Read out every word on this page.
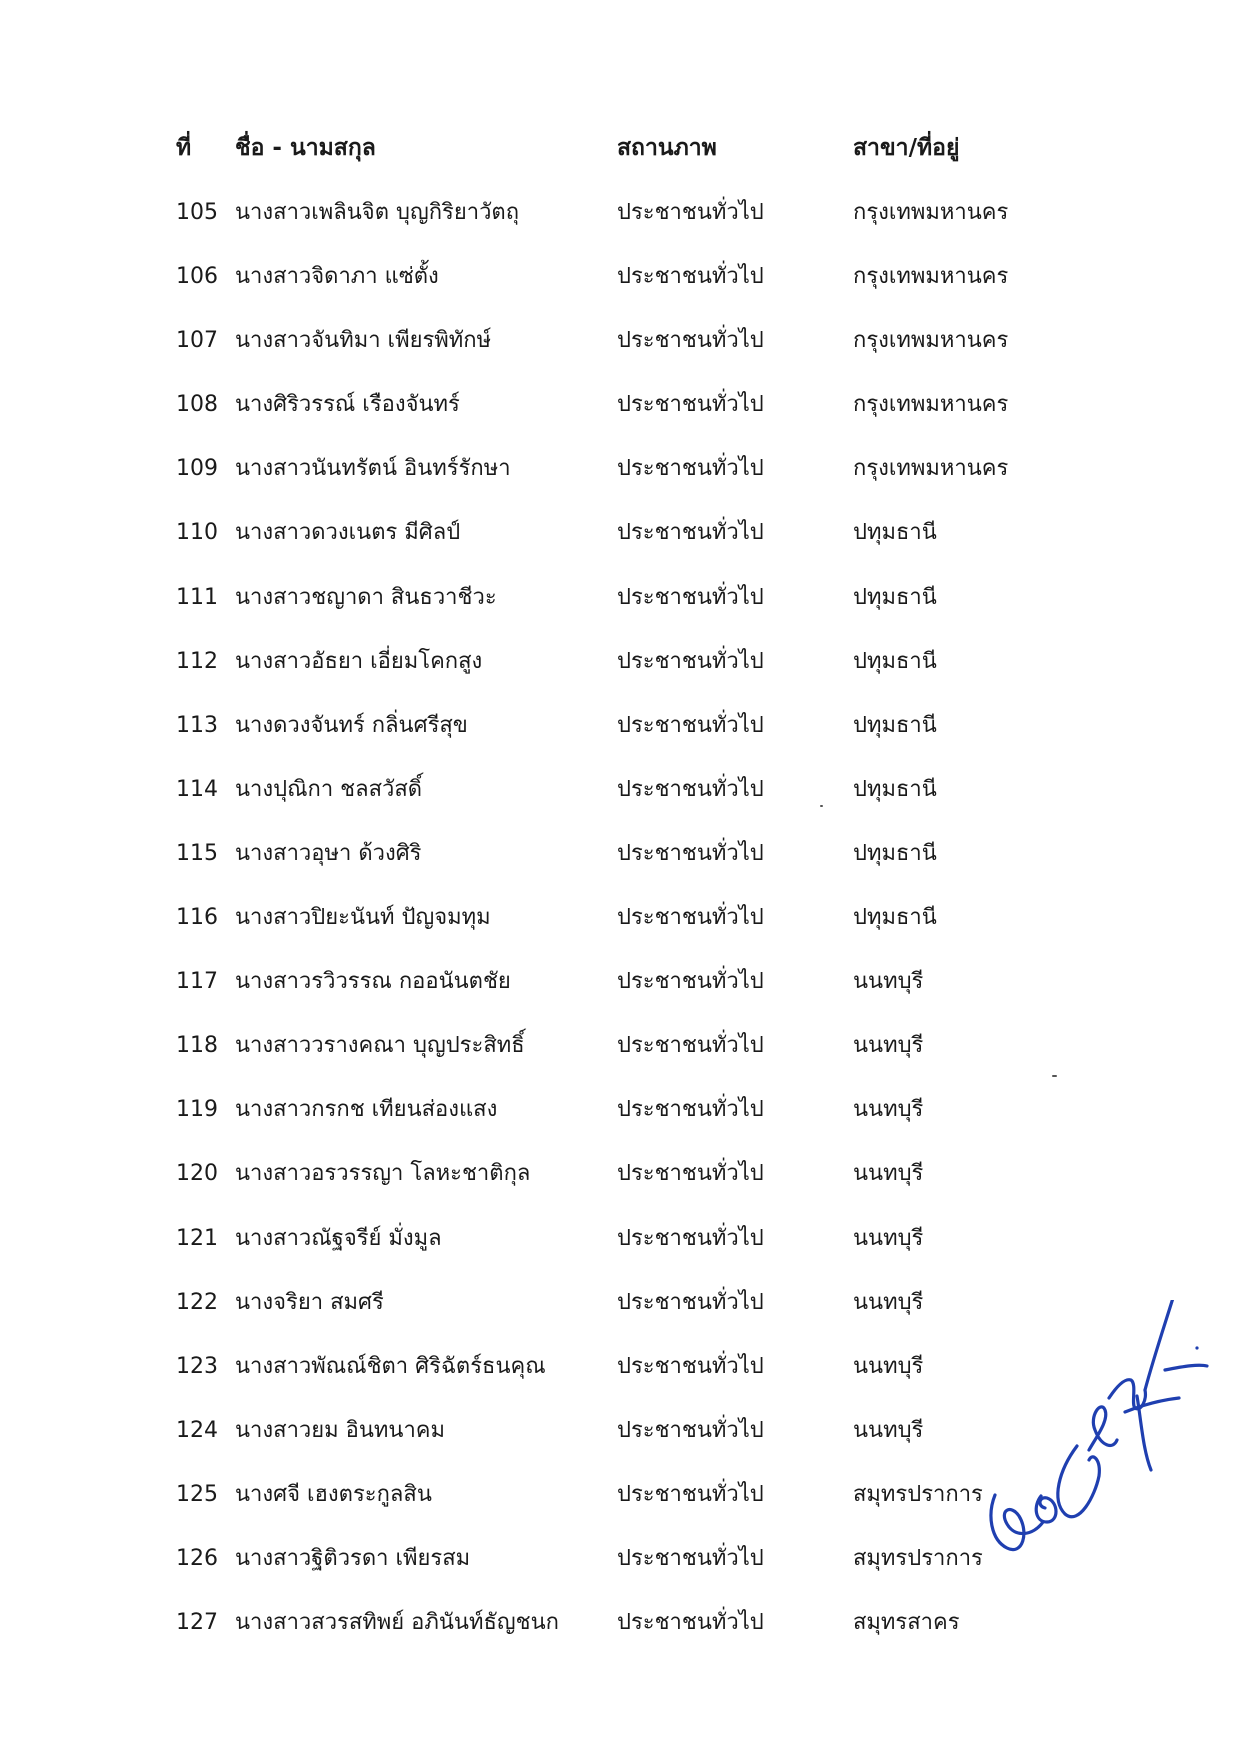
ที่ ชื่อ - นามสกุล	สถานภาพ	สาขา/ที่อยู่
105 นางสาวเพลินจิต บุญกิริยาวัตถุ	ประชาชนทั่วไป	กรุงเทพมหานคร
106 นางสาวจิดาภา แซ่ตั้ง	ประชาชนทั่วไป	กรุงเทพมหานคร
107 นางสาวจันทิมา เพียรพิทักษ์	ประชาชนทั่วไป	กรุงเทพมหานคร
108 นางศิริวรรณ์ เรืองจันทร์	ประชาชนทั่วไป	กรุงเทพมหานคร
109 นางสาวนันทรัตน์ อินทร์รักษา	ประชาชนทั่วไป	กรุงเทพมหานคร
110 นางสาวดวงเนตร มีศิลป์	ประชาชนทั่วไป	ปทุมธานี
111 นางสาวชญาดา สินธวาชีวะ	ประชาชนทั่วไป	ปทุมธานี
112 นางสาวอัธยา เอี่ยมโคกสูง	ประชาชนทั่วไป	ปทุมธานี
113 นางดวงจันทร์ กลิ่นศรีสุข	ประชาชนทั่วไป	ปทุมธานี
114 นางปุณิกา ชลสวัสดิ์	ประชาชนทั่วไป	ปทุมธานี
115 นางสาวอุษา ด้วงศิริ	ประชาชนทั่วไป	ปทุมธานี
116 นางสาวปิยะนันท์ ปัญจมทุม	ประชาชนทั่วไป	ปทุมธานี
117 นางสาวรวิวรรณ กออนันตชัย	ประชาชนทั่วไป	นนทบุรี
118 นางสาววรางคณา บุญประสิทธิ์	ประชาชนทั่วไป	นนทบุรี
119 นางสาวกรกช เทียนส่องแสง	ประชาชนทั่วไป	นนทบุรี
120 นางสาวอรวรรญา โลหะชาติกุล	ประชาชนทั่วไป	นนทบุรี
121 นางสาวณัฐจรีย์ มั่งมูล	ประชาชนทั่วไป	นนทบุรี
122 นางจริยา สมศรี	ประชาชนทั่วไป	นนทบุรี
123 นางสาวพัณณ์ชิตา ศิริฉัตร์ธนคุณ	ประชาชนทั่วไป	นนทบุรี
124 นางสาวยม อินทนาคม	ประชาชนทั่วไป	นนทบุรี
125 นางศจี เฮงตระกูลสิน	ประชาชนทั่วไป	สมุทรปราการ
126 นางสาวฐิติวรดา เพียรสม	ประชาชนทั่วไป	สมุทรปราการ
127 นางสาวสวรสทิพย์ อภินันท์ธัญชนก	ประชาชนทั่วไป	สมุทรสาคร
